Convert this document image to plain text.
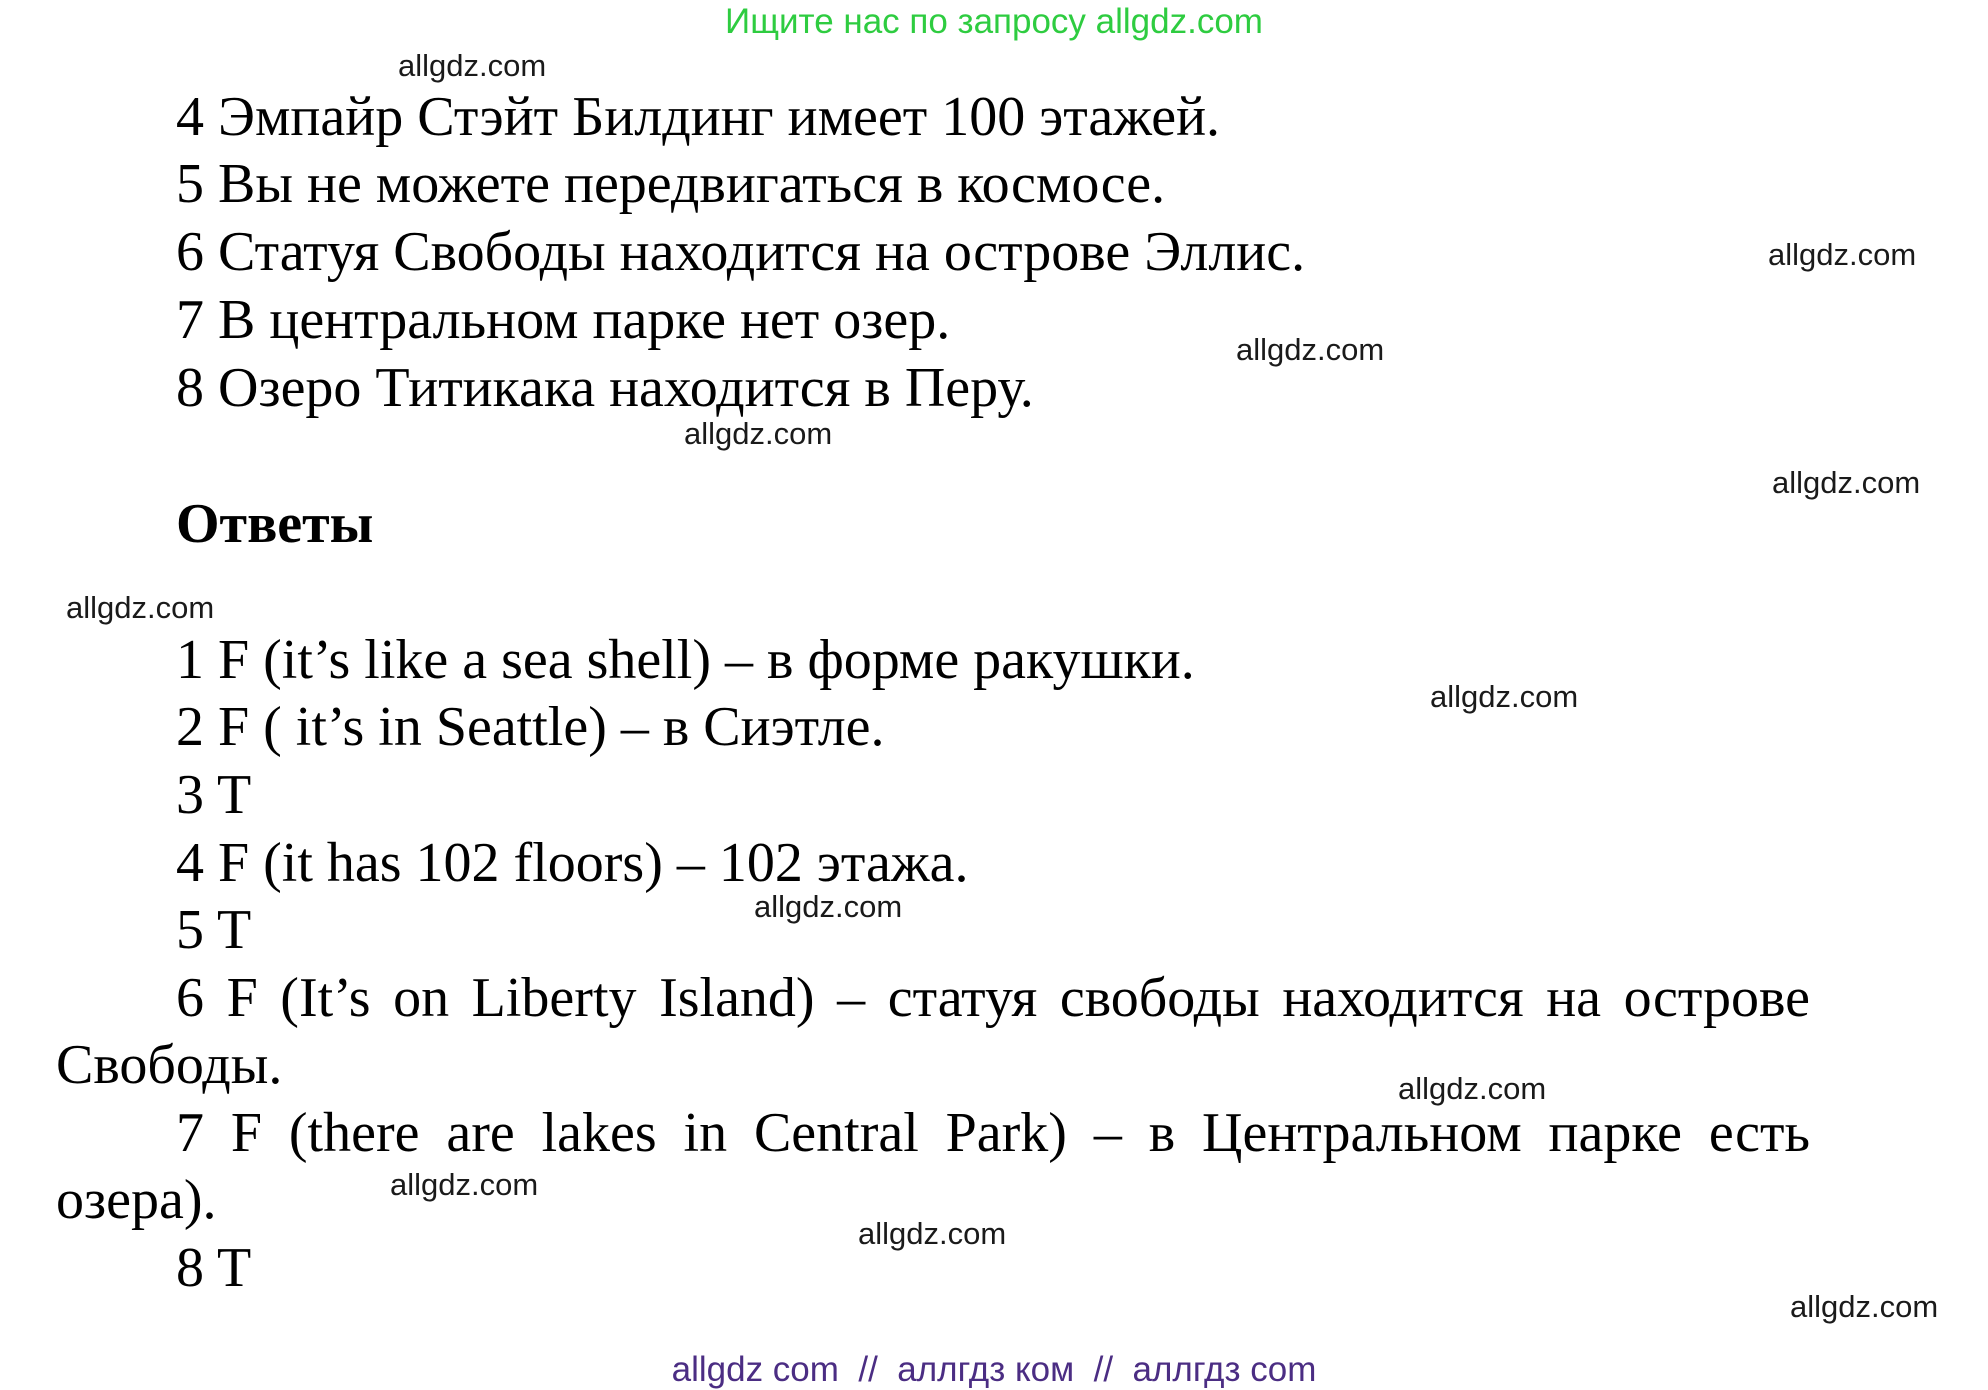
Ищите нас по запросу allgdz.com
4 Эмпайр Стэйт Билдинг имеет 100 этажей.
5 Вы не можете передвигаться в космосе.
6 Статуя Свободы находится на острове Эллис.
7 В центральном парке нет озер.
8 Озеро Титикака находится в Перу.
Ответы
1 F (it’s like a sea shell) – в форме ракушки.
2 F ( it’s in Seattle) – в Сиэтле.
3 T
4 F (it has 102 floors) – 102 этажа.
5 T
6 F (It’s on Liberty Island) – статуя свободы находится на острове
Свободы.
7 F (there are lakes in Central Park) – в Центральном парке есть
озера).
8 T
allgdz.com
allgdz.com
allgdz.com
allgdz.com
allgdz.com
allgdz.com
allgdz.com
allgdz.com
allgdz.com
allgdz.com
allgdz.com
allgdz.com
allgdz com  //  аллгдз ком  //  аллгдз com
